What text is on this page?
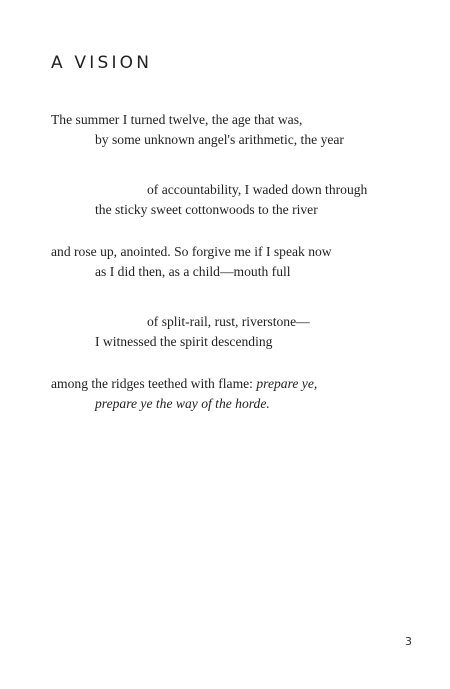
A VISION
The summer I turned twelve, the age that was,
by some unknown angel's arithmetic, the year
of accountability, I waded down through
the sticky sweet cottonwoods to the river
and rose up, anointed. So forgive me if I speak now
as I did then, as a child—mouth full
of split-rail, rust, riverstone—
I witnessed the spirit descending
among the ridges teethed with flame: prepare ye,
prepare ye the way of the horde.
3
